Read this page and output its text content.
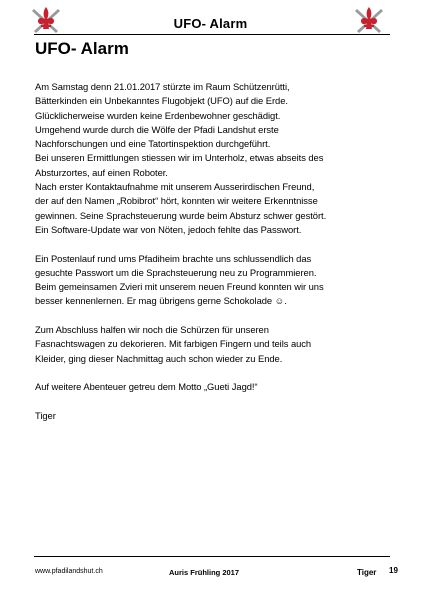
UFO- Alarm
UFO- Alarm
Am Samstag denn 21.01.2017 stürzte im Raum Schützenrütti,
Bätterkinden ein Unbekanntes Flugobjekt (UFO) auf die Erde.
Glücklicherweise wurden keine Erdenbewohner geschädigt.
Umgehend wurde durch die Wölfe der Pfadi Landshut erste
Nachforschungen und eine Tatortinspektion durchgeführt.
Bei unseren Ermittlungen stiessen wir im Unterholz, etwas abseits des
Absturzortes, auf einen Roboter.
Nach erster Kontaktaufnahme mit unserem Ausserirdischen Freund,
der auf den Namen „Robibrot“ hört, konnten wir weitere Erkenntnisse
gewinnen. Seine Sprachsteuerung wurde beim Absturz schwer gestört.
Ein Software-Update war von Nöten, jedoch fehlte das Passwort.
Ein Postenlauf rund ums Pfadiheim brachte uns schlussendlich das
gesuchte Passwort um die Sprachsteuerung neu zu Programmieren.
Beim gemeinsamen Zvieri mit unserem neuen Freund konnten wir uns
besser kennenlernen. Er mag übrigens gerne Schokolade ☺.
Zum Abschluss halfen wir noch die Schürzen für unseren
Fasnachtswagen zu dekorieren. Mit farbigen Fingern und teils auch
Kleider, ging dieser Nachmittag auch schon wieder zu Ende.
Auf weitere Abenteuer getreu dem Motto „Gueti Jagd!“
Tiger
www.pfadilandshut.ch	Auris Frühling 2017	Tiger 19
